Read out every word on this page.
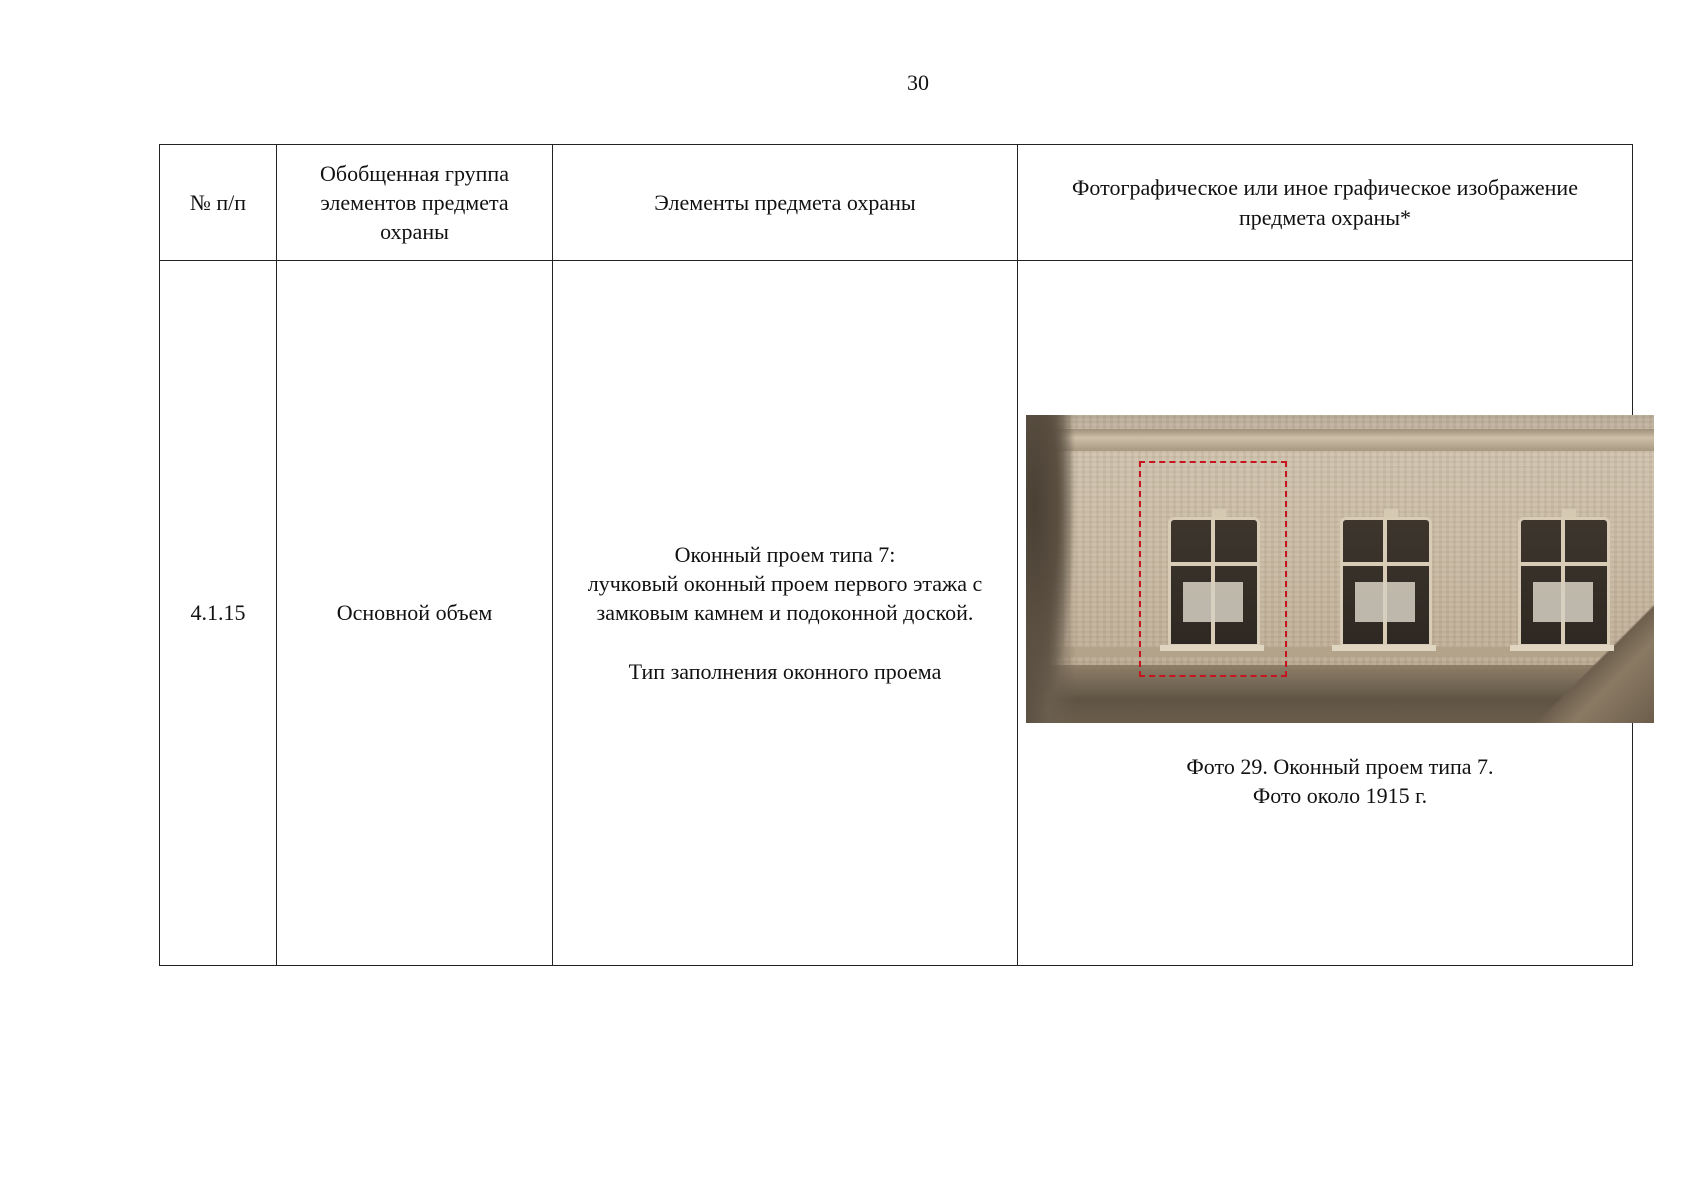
30
№ п/п	Обобщенная группа элементов предмета охраны	Элементы предмета охраны	Фотографическое или иное графическое изображение предмета охраны*
4.1.15	Основной объем	Оконный проем типа 7:
лучковый оконный проем первого этажа с замковым камнем и подоконной доской.
Тип заполнения оконного проема	Фото 29. Оконный проем типа 7.
Фото около 1915 г.
